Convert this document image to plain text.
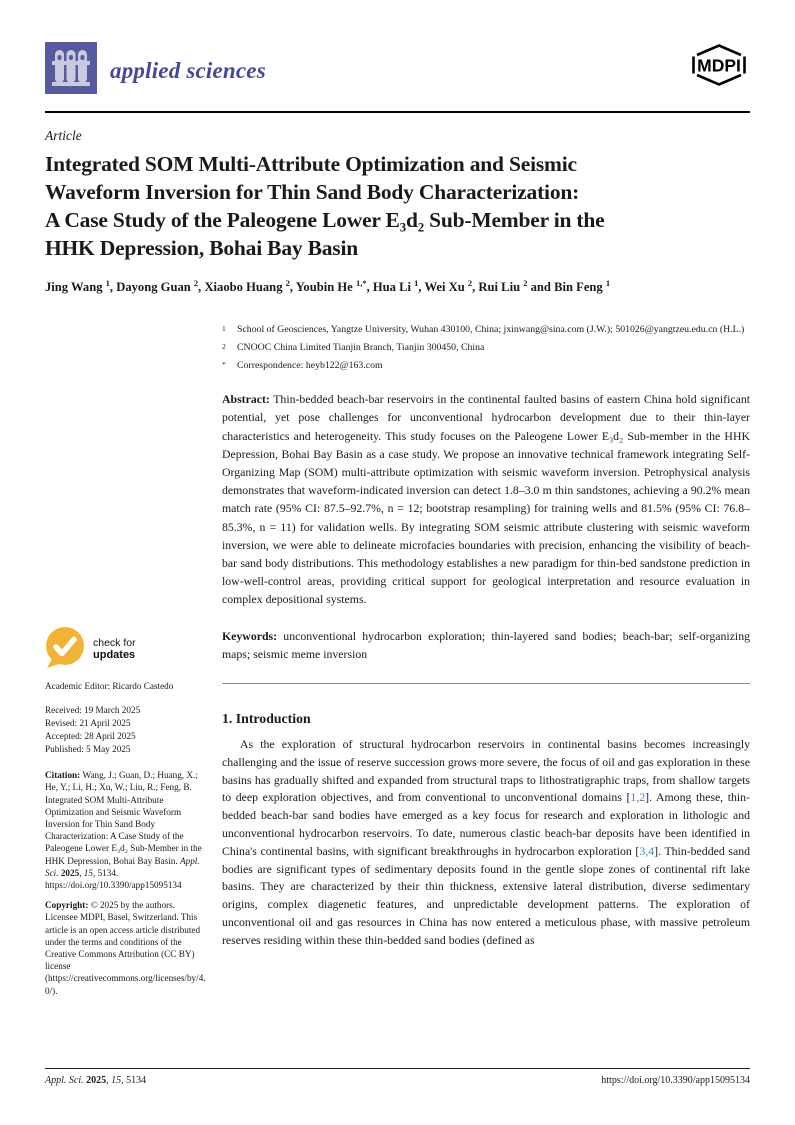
applied sciences	MDPI
Article
Integrated SOM Multi-Attribute Optimization and Seismic
Waveform Inversion for Thin Sand Body Characterization:
A Case Study of the Paleogene Lower E₃d₂ Sub-Member in the
HHK Depression, Bohai Bay Basin
Jing Wang $^1$, Dayong Guan $^2$, Xiaobo Huang $^2$, Youbin He $^{1,*}$, Hua Li $^1$, Wei Xu $^2$, Rui Liu $^2$ and Bin Feng $^1$
check for
updates
Academic Editor: Ricardo Castedo
Received: 19 March 2025
Revised: 21 April 2025
Accepted: 28 April 2025
Published: 5 May 2025
Citation: Wang, J.; Guan, D.; Huang, X.; He, Y.; Li, H.; Xu, W.; Liu, R.; Feng, B. Integrated SOM Multi-Attribute Optimization and Seismic Waveform Inversion for Thin Sand Body Characterization: A Case Study of the Paleogene Lower E₃d₂ Sub-Member in the HHK Depression, Bohai Bay Basin. Appl. Sci. 2025, 15, 5134. https://doi.org/10.3390/app15095134
Copyright: © 2025 by the authors. Licensee MDPI, Basel, Switzerland. This article is an open access article distributed under the terms and conditions of the Creative Commons Attribution (CC BY) license (https://creativecommons.org/licenses/by/4.0/).
1	School of Geosciences, Yangtze University, Wuhan 430100, China; jxinwang@sina.com (J.W.); 501026@yangtzeu.edu.cn (H.L.)
2	CNOOC China Limited Tianjin Branch, Tianjin 300450, China
*	Correspondence: heyb122@163.com

Abstract: Thin-bedded beach-bar reservoirs in the continental faulted basins of eastern China hold significant potential, yet pose challenges for unconventional hydrocarbon development due to their thin-layer characteristics and heterogeneity. This study focuses on the Paleogene Lower E₃d₂ Sub-member in the HHK Depression, Bohai Bay Basin as a case study. We propose an innovative technical framework integrating Self-Organizing Map (SOM) multi-attribute optimization with seismic waveform inversion. Petrophysical analysis demonstrates that waveform-indicated inversion can detect 1.8–3.0 m thin sandstones, achieving a 90.2% mean match rate (95% CI: 87.5–92.7%, n = 12; bootstrap resampling) for training wells and 81.5% (95% CI: 76.8–85.3%, n = 11) for validation wells. By integrating SOM seismic attribute clustering with seismic waveform inversion, we were able to delineate microfacies boundaries with precision, enhancing the visibility of beach-bar sand body distributions. This methodology establishes a new paradigm for thin-bed sandstone prediction in low-well-control areas, providing critical support for geological interpretation and resource evaluation in complex depositional systems.

Keywords: unconventional hydrocarbon exploration; thin-layered sand bodies; beach-bar; self-organizing maps; seismic meme inversion

1. Introduction

As the exploration of structural hydrocarbon reservoirs in continental basins becomes increasingly challenging and the issue of reserve succession grows more severe, the focus of oil and gas exploration in these basins has gradually shifted and expanded from structural traps to lithostratigraphic traps, from shallow targets to deep exploration objectives, and from conventional to unconventional domains [1,2]. Among these, thin-bedded beach-bar sand bodies have emerged as a key focus for research and exploration in lithologic and unconventional hydrocarbon reservoirs. To date, numerous clastic beach-bar deposits have been identified in China's continental basins, with significant breakthroughs in hydrocarbon exploration [3,4]. Thin-bedded sand bodies are significant types of sedimentary deposits found in the gentle slope zones of continental rift lake basins. They are characterized by their thin thickness, extensive lateral distribution, diverse sedimentary origins, complex diagenetic features, and unpredictable development patterns. The exploration of unconventional oil and gas resources in China has now entered a meticulous phase, with massive petroleum reserves residing within these thin-bedded sand bodies (defined as

Appl. Sci. 2025, 15, 5134	https://doi.org/10.3390/app15095134
